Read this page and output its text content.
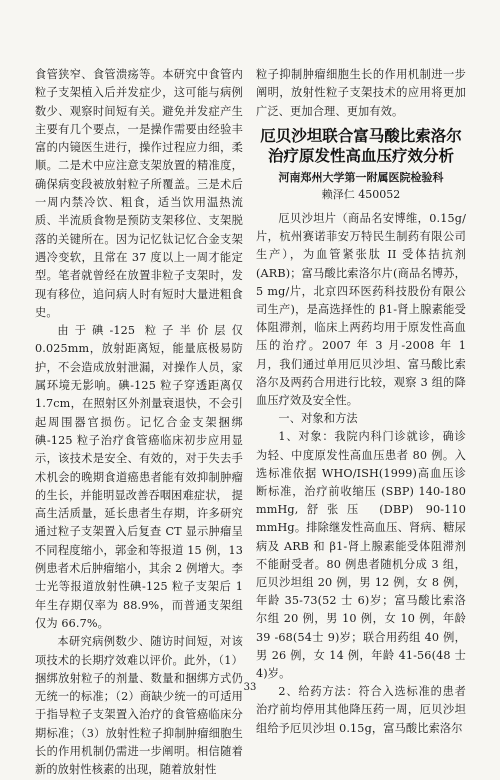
食管狭窄、食管溃疡等。本研究中食管内粒子支架植入后并发症少，这可能与病例数少、观察时间短有关。避免并发症产生主要有几个要点，一是操作需要由经验丰富的内镜医生进行，操作过程应力细，柔顺。二是术中应注意支架放置的精准度，确保病变段被放射粒子所覆盖。三是术后一周内禁冷饮、粗食，适当饮用温热流质、半流质食物是预防支架移位、支架脱落的关键所在。因为记忆钛记忆合金支架遇冷变软，且常在 37 度以上一周才能定型。笔者就曾经在放置非粒子支架时，发现有移位，追问病人时有短时大量进粗食史。

由于碘-125 粒子半价层仅 0.025mm，放射距离短，能量底极易防护，不会造成放射泄漏，对操作人员，家属环境无影响。碘-125 粒子穿透距离仅 1.7cm，在照射区外剂量衰退快，不会引起周围器官损伤。记忆合金支架捆绑碘-125 粒子治疗食管癌临床初步应用显示，该技术是安全、有效的，对于失去手术机会的晚期食道癌患者能有效抑制肿瘤的生长，并能明显改善吞咽困难症状， 提高生活质量，延长患者生存期，许多研究通过粒子支架置入后复查 CT 显示肿瘤呈不同程度缩小，郭金和等报道 15 例，13 例患者术后肿瘤缩小，其余 2 例增大。李士光等报道放射性碘-125 粒子支架后 1 年生存期仅率为 88.9%，而普通支架组仅为 66.7%。

本研究病例数少、随访时间短，对该项技术的长期疗效难以评价。此外，（1）捆绑放射粒子的剂量、数量和捆绑方式仍无统一的标准；（2）商缺少统一的可适用于指导粒子支架置入治疗的食管癌临床分期标准；（3）放射性粒子抑制肿瘤细胞生长的作用机制仍需进一步阐明。相信随着新的放射性核素的出现，随着放射性

粒子抑制肿瘤细胞生长的作用机制进一步阐明，放射性粒子支架技术的应用将更加广泛、更加合理、更加有效。

厄贝沙坦联合富马酸比索洛尔
治疗原发性高血压疗效分析
河南郑州大学第一附属医院检验科
赖泽仁 450052

厄贝沙坦片（商品名安博维，0.15g/片，杭州赛诺菲安万特民生制药有限公司生产），为血管紧张肽 II 受体拮抗剂(ARB)；富马酸比索洛尔片(商品名博苏，5 mg/片，北京四环医药科技股份有限公司生产)，是高选择性的 β1-肾上腺素能受体阻滞剂，临床上两药均用于原发性高血压的治疗。2007 年 3 月-2008 年 1 月，我们通过单用厄贝沙坦、富马酸比索洛尔及两药合用进行比较，观察 3 组的降血压疗效及安全性。

一、对象和方法

1、对象：我院内科门诊就诊，确诊为轻、中度原发性高血压患者 80 例。入选标准依据 WHO/ISH(1999)高血压诊断标准，治疗前收缩压 (SBP) 140-180 mmHg,舒张压 (DBP) 90-110 mmHg。排除继发性高血压、肾病、糖尿病及 ARB 和 β1-肾上腺素能受体阻滞剂不能耐受者。80 例患者随机分成 3 组，厄贝沙坦组 20 例，男 12 例，女 8 例，年龄 35-73(52 士 6)岁；富马酸比索洛尔组 20 例，男 10 例，女 10 例，年龄 39 -68(54士 9)岁；联合用药组 40 例，男 26 例，女 14 例，年龄 41-56(48 士 4)岁。

2、给药方法：符合入选标准的患者治疗前均停用其他降压药一周，厄贝沙坦组给予厄贝沙坦 0.15g，富马酸比索洛尔

33
